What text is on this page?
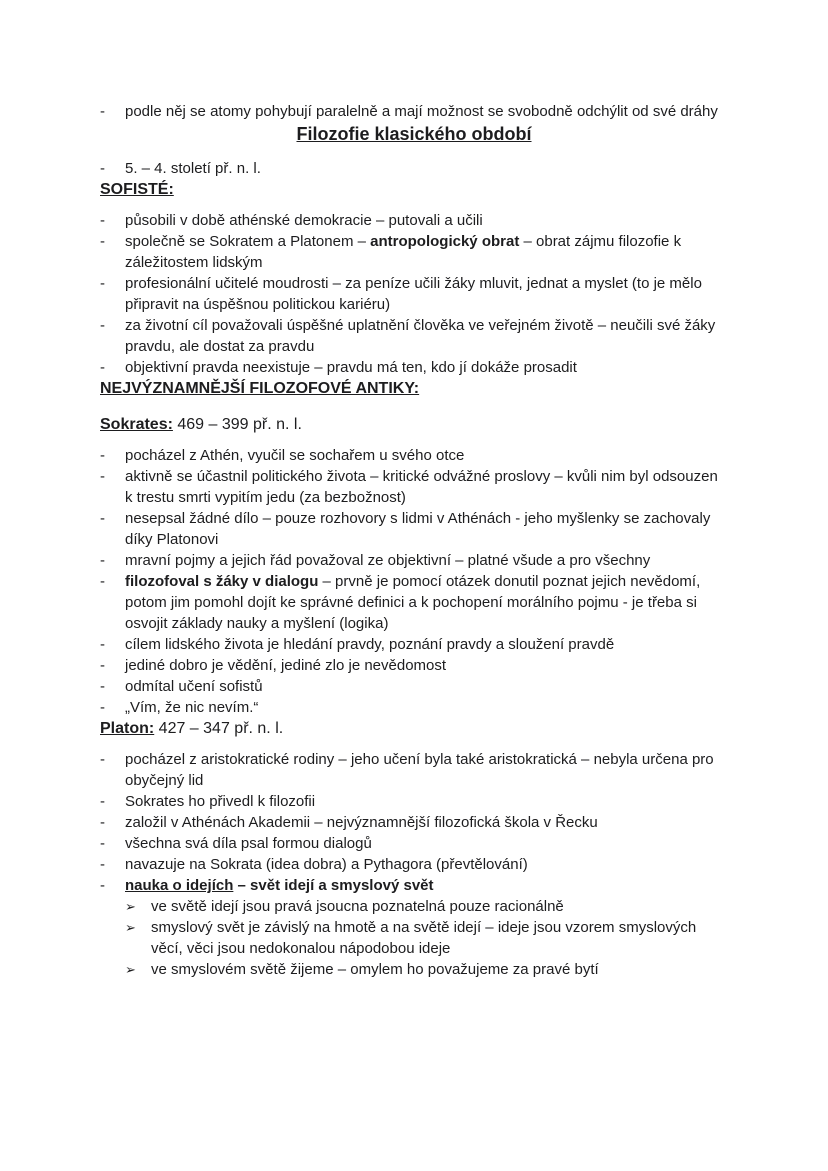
-	podle něj se atomy pohybují paralelně a mají možnost se svobodně odchýlit od své dráhy
Filozofie klasického období
-	5. – 4. století př. n. l.
SOFISTÉ:
-	působili v době athénské demokracie – putovali a učili
-	společně se Sokratem a Platonem – antropologický obrat – obrat zájmu filozofie k záležitostem lidským
-	profesionální učitelé moudrosti – za peníze učili žáky mluvit, jednat a myslet (to je mělo připravit na úspěšnou politickou kariéru)
-	za životní cíl považovali úspěšné uplatnění člověka ve veřejném životě – neučili své žáky pravdu, ale dostat za pravdu
-	objektivní pravda neexistuje – pravdu má ten, kdo jí dokáže prosadit
NEJVÝZNAMNĚJŠÍ FILOZOFOVÉ ANTIKY:
Sokrates: 469 – 399 př. n. l.
-	pocházel z Athén, vyučil se sochařem u svého otce
-	aktivně se účastnil politického života – kritické odvážné proslovy – kvůli nim byl odsouzen k trestu smrti vypitím jedu (za bezbožnost)
-	nesepsal žádné dílo – pouze rozhovory s lidmi v Athénách - jeho myšlenky se zachovaly díky Platonovi
-	mravní pojmy a jejich řád považoval ze objektivní – platné všude a pro všechny
-	filozofoval s žáky v dialogu – prvně je pomocí otázek donutil poznat jejich nevědomí, potom jim pomohl dojít ke správné definici a k pochopení morálního pojmu - je třeba si osvojit základy nauky a myšlení (logika)
-	cílem lidského života je hledání pravdy, poznání pravdy a sloužení pravdě
-	jediné dobro je vědění, jediné zlo je nevědomost
-	odmítal učení sofistů
-	„Vím, že nic nevím.“
Platon: 427 – 347 př. n. l.
-	pocházel z aristokratické rodiny – jeho učení byla také aristokratická – nebyla určena pro obyčejný lid
-	Sokrates ho přivedl k filozofii
-	založil v Athénách Akademii – nejvýznamnější filozofická škola v Řecku
-	všechna svá díla psal formou dialogů
-	navazuje na Sokrata (idea dobra) a Pythagora (převtělování)
-	nauka o idejích – svět idejí a smyslový svět
➢	ve světě idejí jsou pravá jsoucna poznatelná pouze racionálně
➢	smyslový svět je závislý na hmotě a na světě idejí – ideje jsou vzorem smyslových věcí, věci jsou nedokonalou nápodobou ideje
➢	ve smyslovém světě žijeme – omylem ho považujeme za pravé bytí
